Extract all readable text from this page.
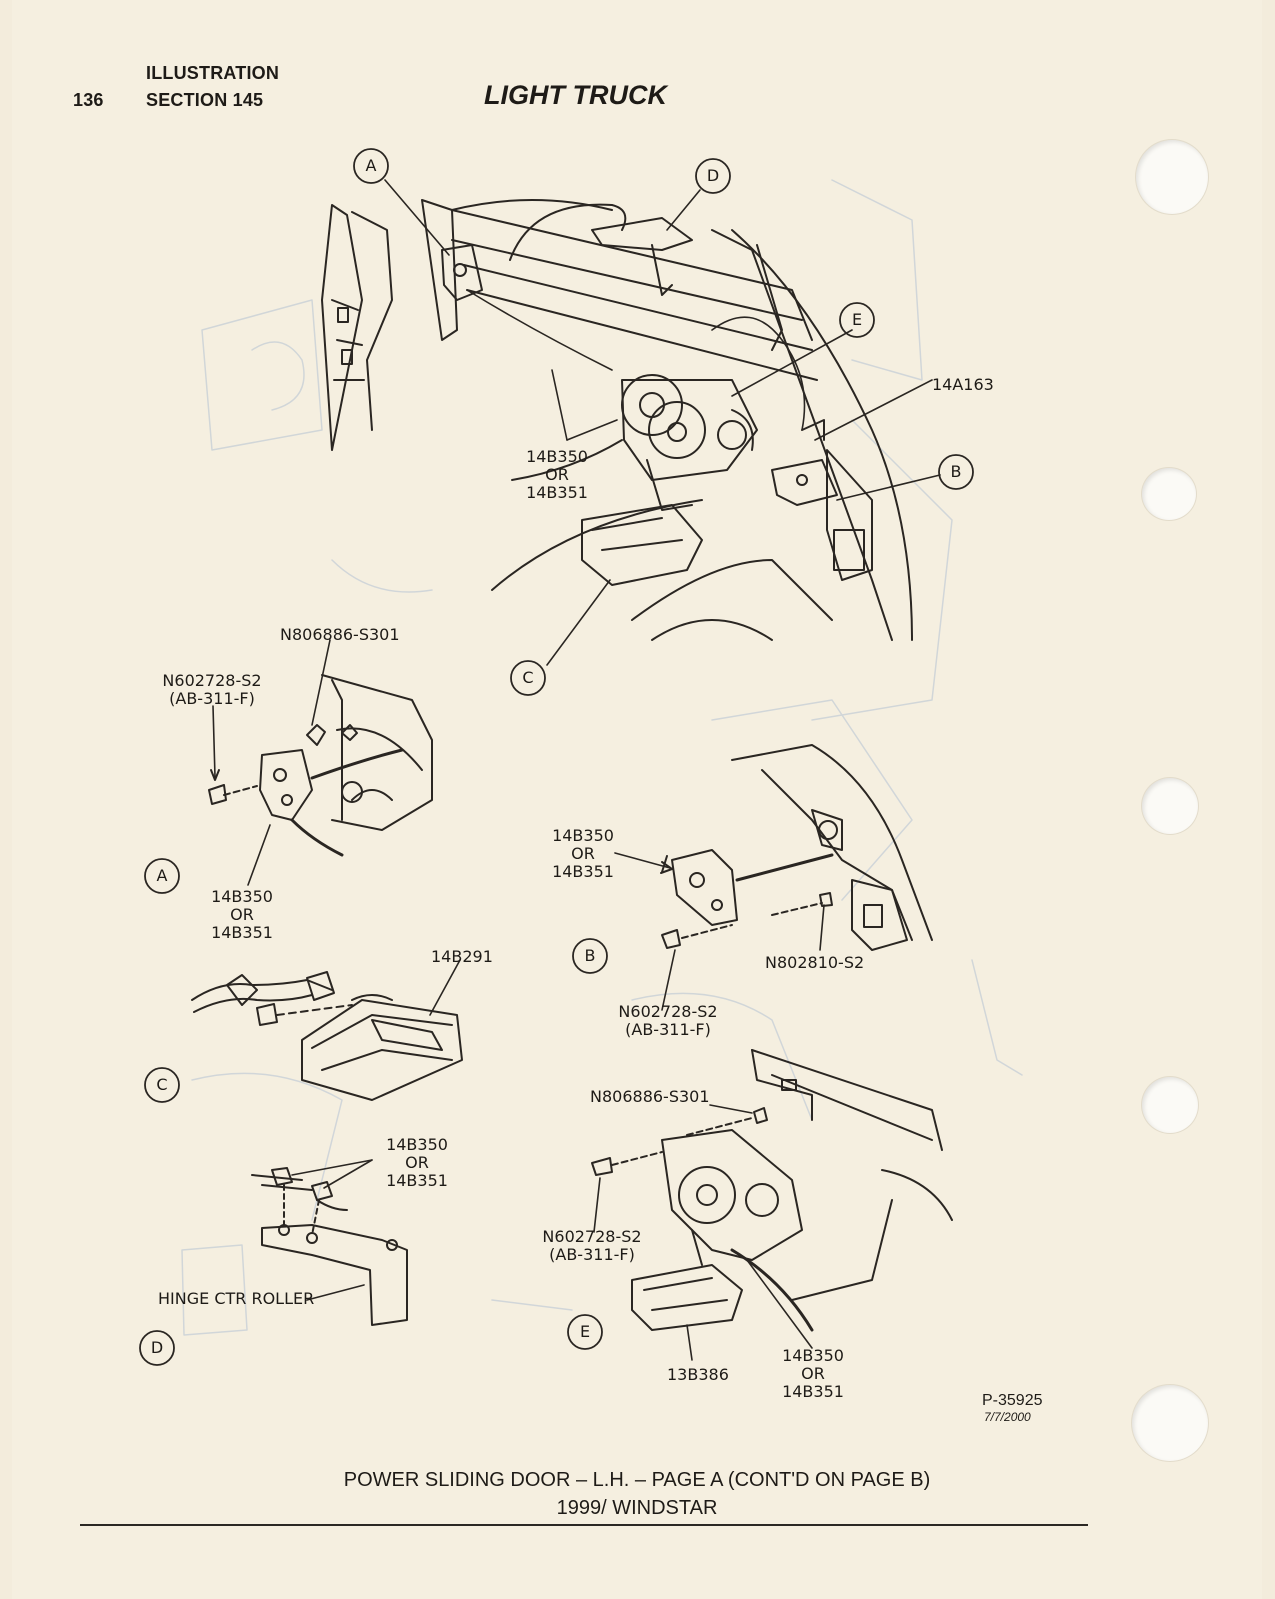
136
ILLUSTRATION
SECTION 145	LIGHT TRUCK
A
D
E
B
C
A
B
C
D
E
14A163
14B350
OR
14B351
N806886-S301
N602728-S2
(AB-311-F)
14B350
OR
14B351
14B350
OR
14B351
N802810-S2
N602728-S2
(AB-311-F)
14B291
14B350
OR
14B351
HINGE CTR ROLLER
N806886-S301
N602728-S2
(AB-311-F)
13B386
14B350
OR
14B351	P-35925
7/7/2000
POWER SLIDING DOOR – L.H. – PAGE A (CONT'D ON PAGE B)
1999/ WINDSTAR
